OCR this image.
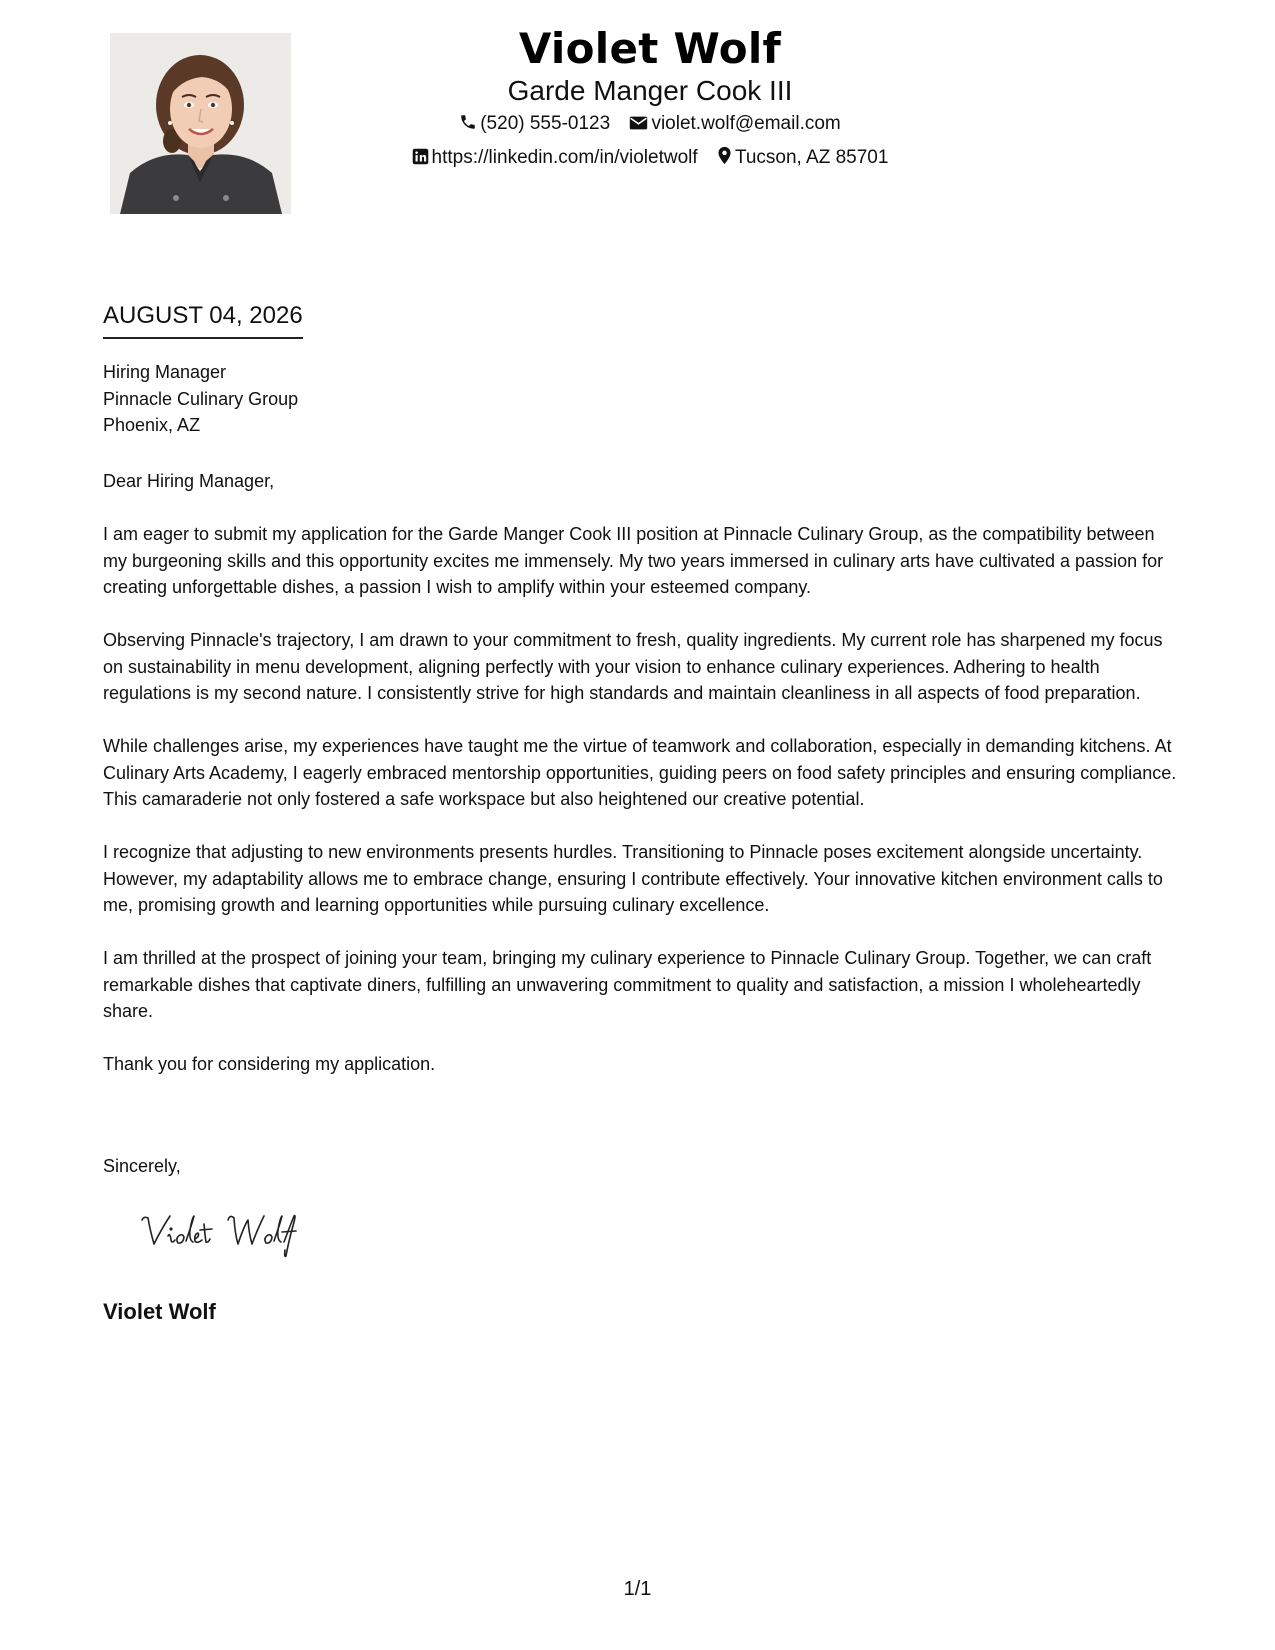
Violet Wolf
Garde Manger Cook III
(520) 555-0123 violet.wolf@email.com
https://linkedin.com/in/violetwolf Tucson, AZ 85701
AUGUST 04, 2026
Hiring Manager
Pinnacle Culinary Group
Phoenix, AZ

Dear Hiring Manager,

I am eager to submit my application for the Garde Manger Cook III position at Pinnacle Culinary Group, as the compatibility between my burgeoning skills and this opportunity excites me immensely. My two years immersed in culinary arts have cultivated a passion for creating unforgettable dishes, a passion I wish to amplify within your esteemed company.

Observing Pinnacle's trajectory, I am drawn to your commitment to fresh, quality ingredients. My current role has sharpened my focus on sustainability in menu development, aligning perfectly with your vision to enhance culinary experiences. Adhering to health regulations is my second nature. I consistently strive for high standards and maintain cleanliness in all aspects of food preparation.

While challenges arise, my experiences have taught me the virtue of teamwork and collaboration, especially in demanding kitchens. At Culinary Arts Academy, I eagerly embraced mentorship opportunities, guiding peers on food safety principles and ensuring compliance. This camaraderie not only fostered a safe workspace but also heightened our creative potential.

I recognize that adjusting to new environments presents hurdles. Transitioning to Pinnacle poses excitement alongside uncertainty. However, my adaptability allows me to embrace change, ensuring I contribute effectively. Your innovative kitchen environment calls to me, promising growth and learning opportunities while pursuing culinary excellence.

I am thrilled at the prospect of joining your team, bringing my culinary experience to Pinnacle Culinary Group. Together, we can craft remarkable dishes that captivate diners, fulfilling an unwavering commitment to quality and satisfaction, a mission I wholeheartedly share.

Thank you for considering my application.

Sincerely,
Violet Wolf
1/1
